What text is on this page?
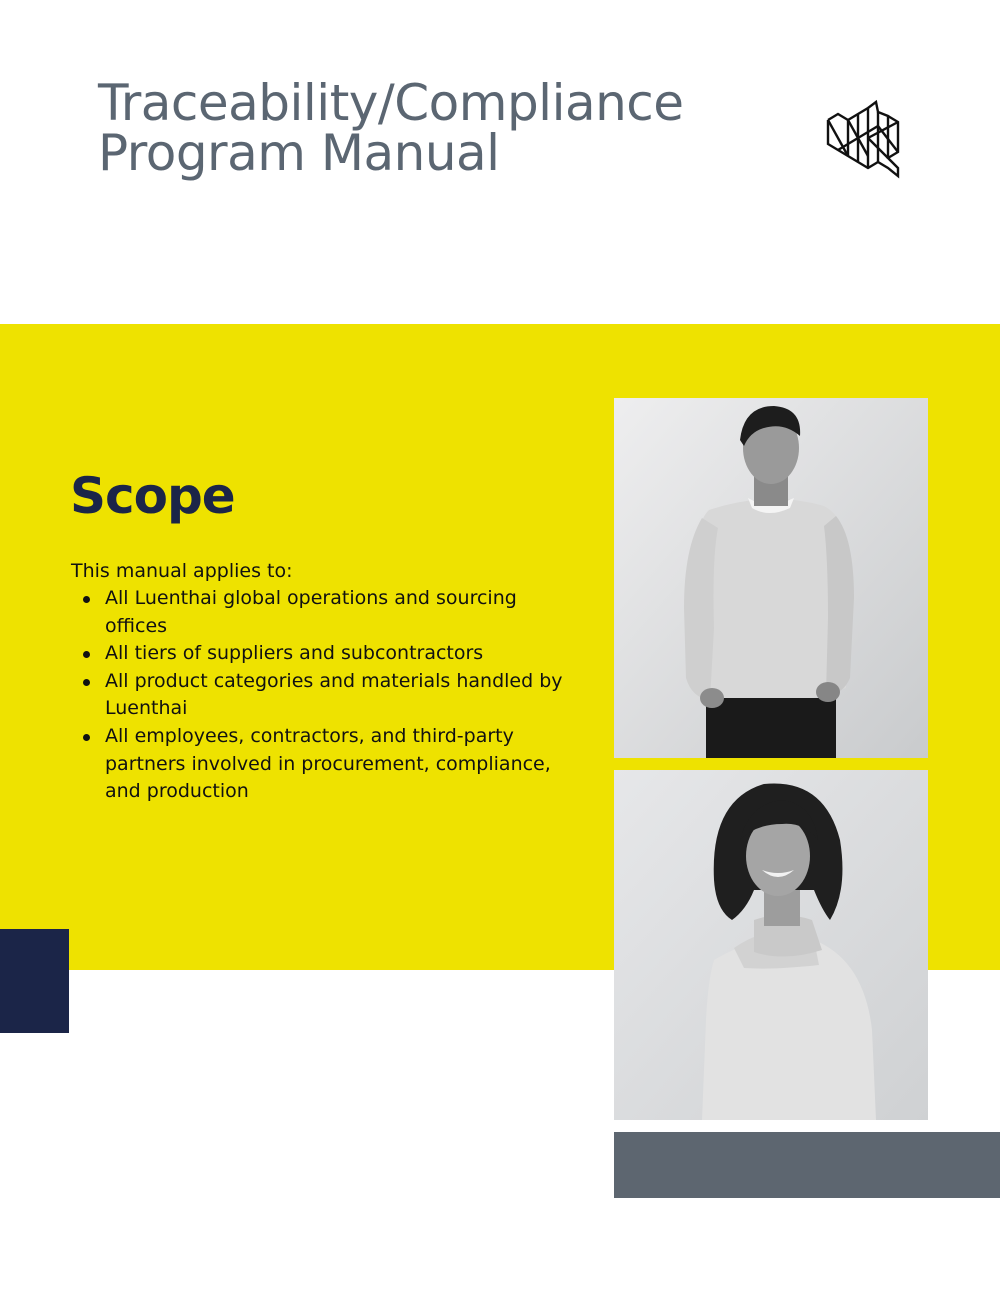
Traceability/Compliance
Program Manual
Scope

This manual applies to:

All Luenthai global operations and sourcing offices
All tiers of suppliers and subcontractors
All product categories and materials handled by Luenthai
All employees, contractors, and third-party partners involved in procurement, compliance, and production
